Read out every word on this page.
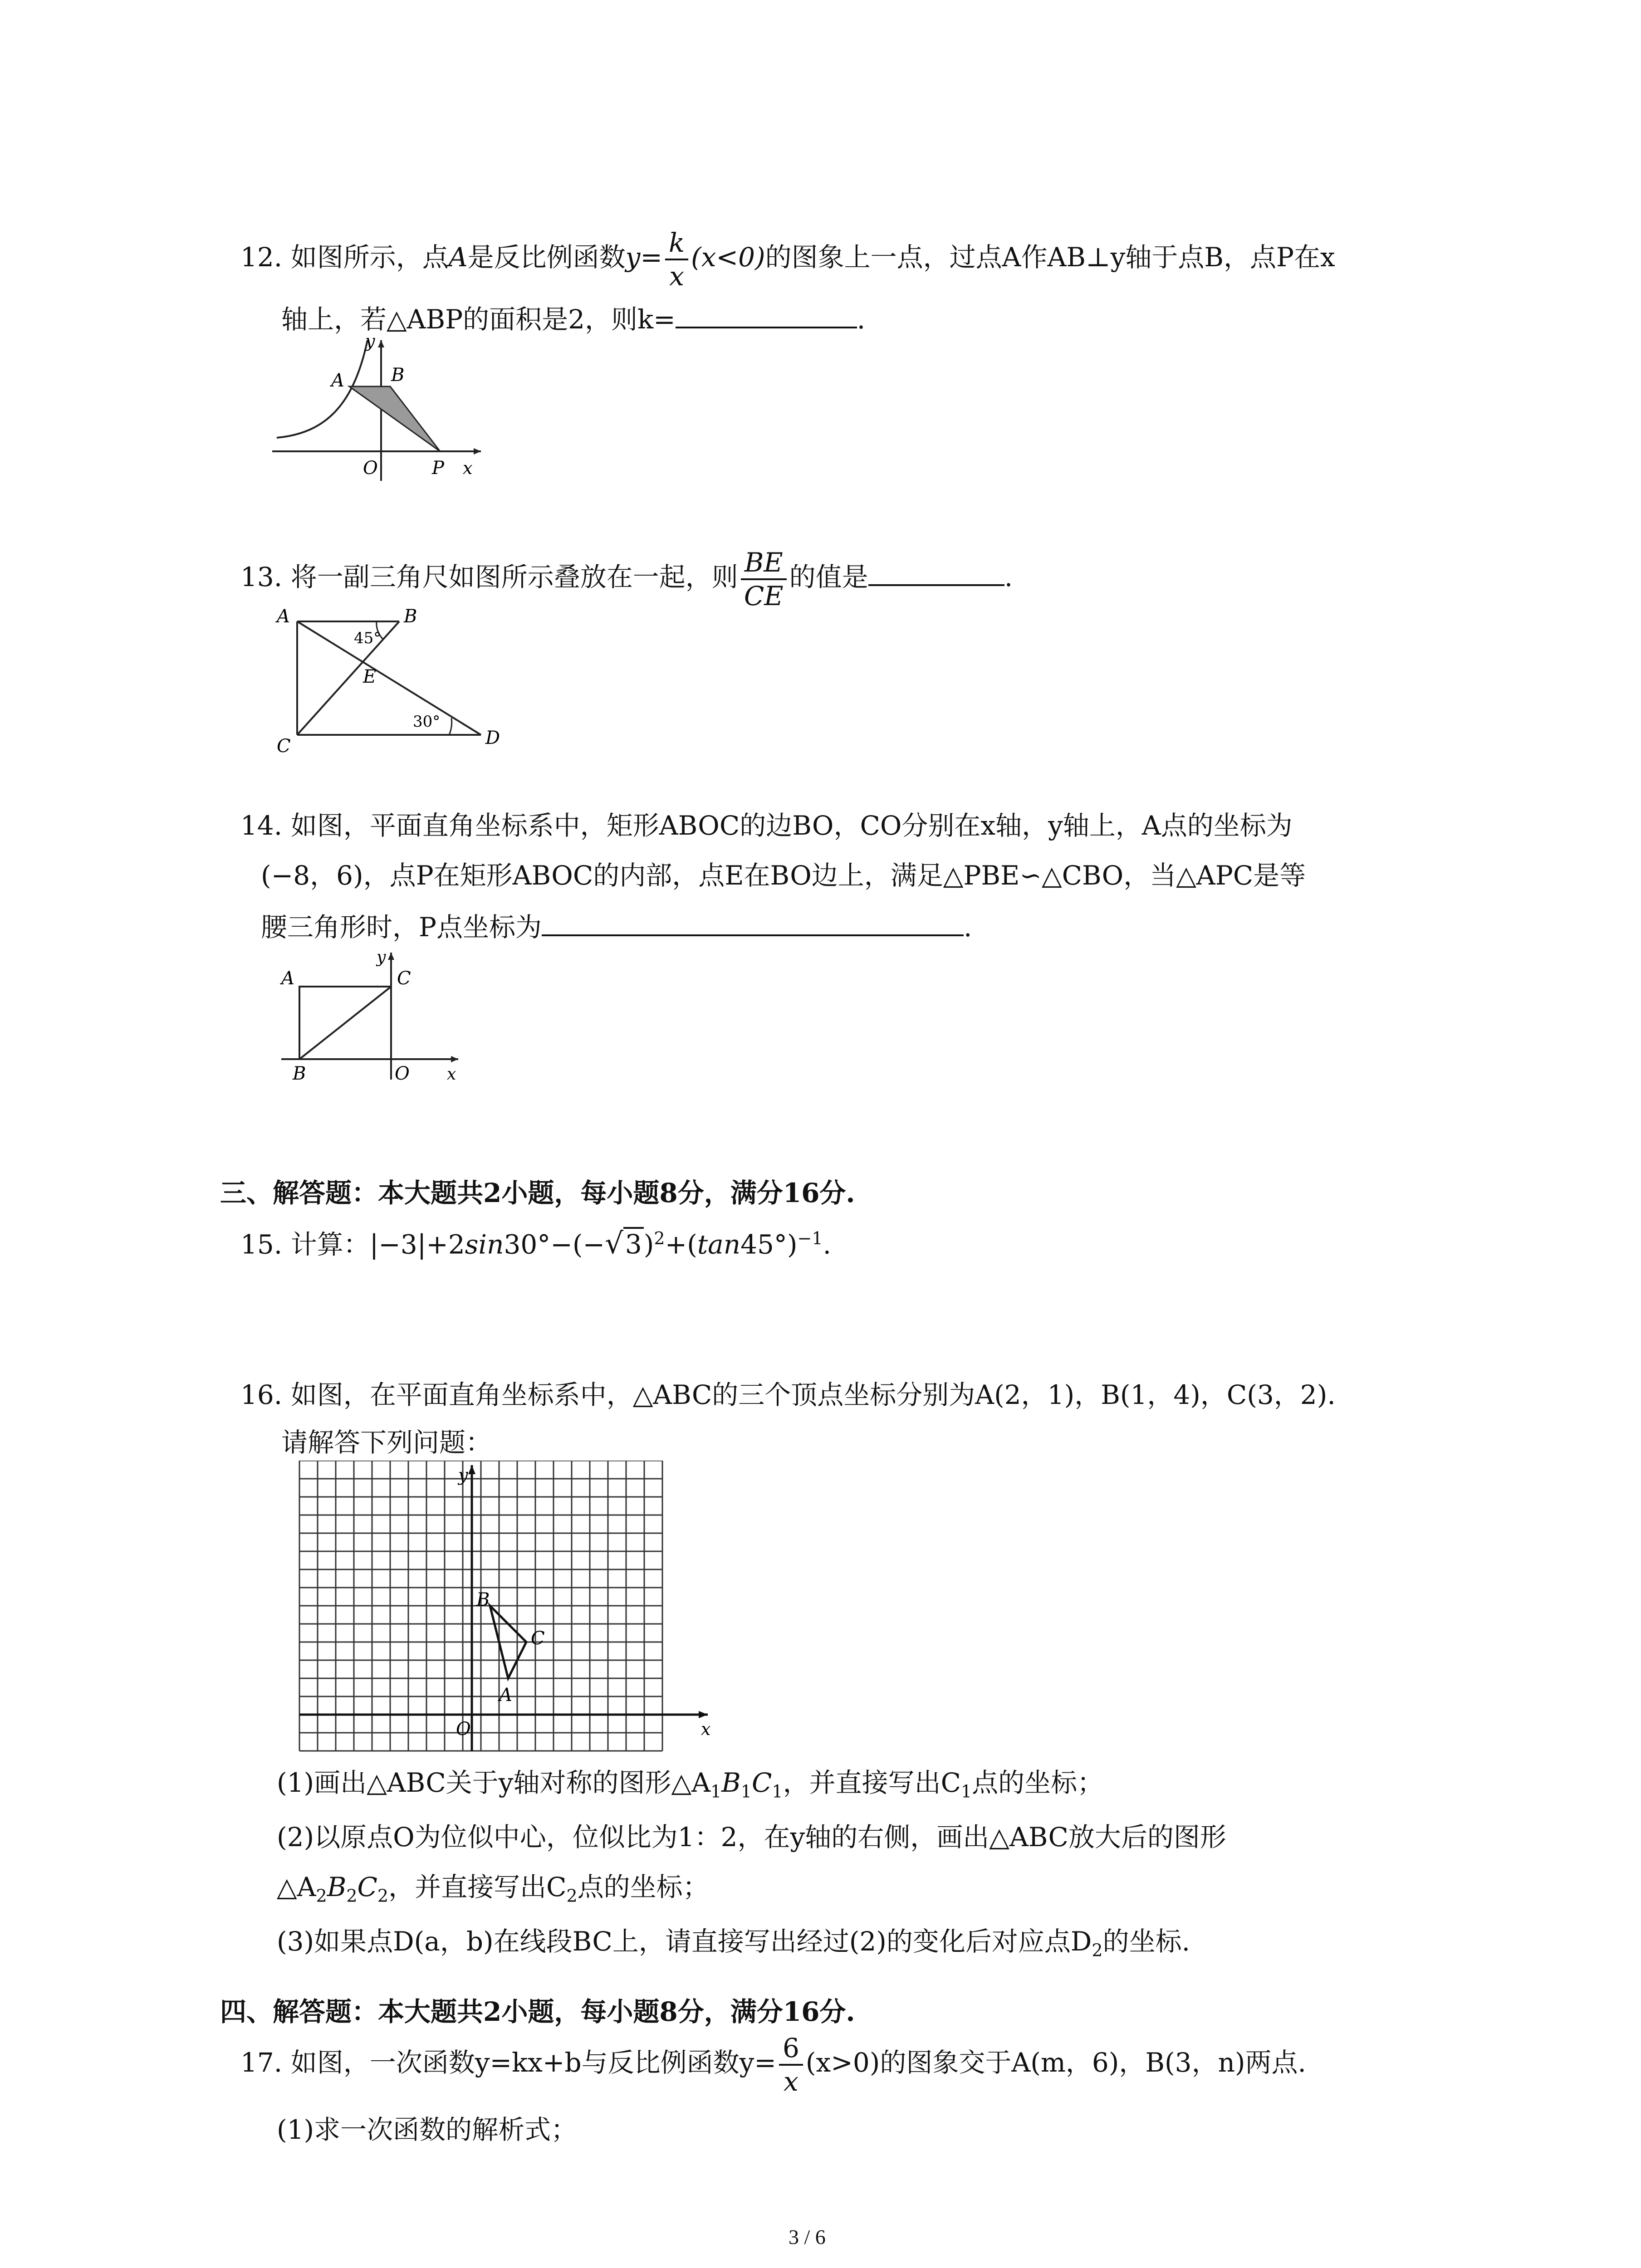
12. 如图所示，点A是反比例函数$y= \frac{k}{x} (x<0)$的图象上一点，过点A作AB⊥y轴于点B，点P在x
轴上，若△ABP的面积是2，则k=	.
y
A	B
O	P x
13. 将一副三角尺如图所示叠放在一起，则 $\frac{BE}{CE}$ 的值是	.
A	B
45°
E
30°
C	D
14. 如图，平面直角坐标系中，矩形ABOC的边BO，CO分别在x轴，y轴上，A点的坐标为
(−8，6)，点P在矩形ABOC的内部，点E在BO边上，满足△PBE∽△CBO，当△APC是等
腰三角形时，P点坐标为	.
y
A	C
B	O x
三、解答题：本大题共2小题，每小题8分，满分16分.
15. 计算：$|-3|+2\sin 30^\circ-(-√3)^2+(\tan 45^\circ)^{-1}$.
16. 如图，在平面直角坐标系中，△ABC的三个顶点坐标分别为A(2，1)，B(1，4)，C(3，2).
请解答下列问题：
y
B
C
A
O	x
(1)画出△ABC关于y轴对称的图形$\triangle A_1B_1C_1$，并直接写出$C_1$点的坐标；
(2)以原点O为位似中心，位似比为1：2，在y轴的右侧，画出△ABC放大后的图形
$\triangle A_2B_2C_2$，并直接写出$C_2$点的坐标；
(3)如果点D(a，b)在线段BC上，请直接写出经过(2)的变化后对应点$D_2$的坐标.
四、解答题：本大题共2小题，每小题8分，满分16分.
17. 如图，一次函数y=kx+b与反比例函数$y= \frac{6}{x} (x>0)$的图象交于A(m，6)，B(3，n)两点.
(1)求一次函数的解析式；
3 / 6
